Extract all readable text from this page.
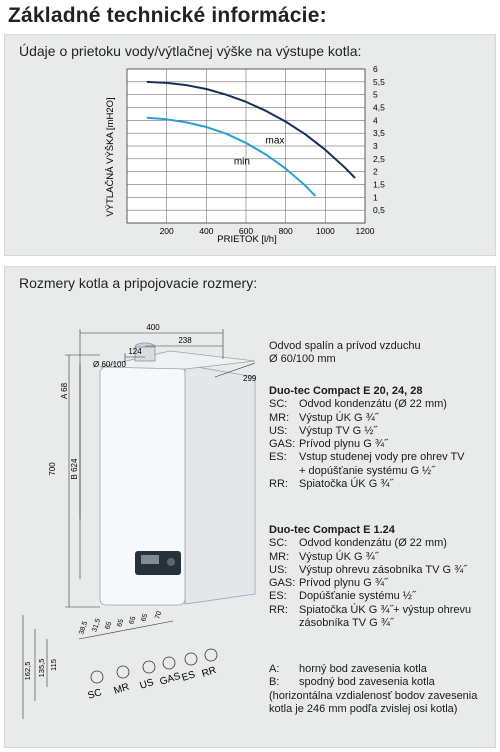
Základné technické informácie:
Údaje o prietoku vody/výtlačnej výške na výstupe kotla:
0,5
1
1,5
2
2,5
3
3,5
4
4,5
5
5,5
6
200	400	600	800	1000 1200
max
min
PRIETOK [l/h]
VÝTLAČNÁ VÝŠKA [mH2O]
Rozmery kotla a pripojovacie rozmery:
400
238
124
Ø 60/100
299
A 68
700 B 624
38,5 31,5 65 65 65 65 70
162,5 135,5 115
SC MR US GAS
ES RR
Odvod spalín a prívod vzduchu
Ø 60/100 mm
Duo-tec Compact E 20, 24, 28
SC:	Odvod kondenzátu (Ø 22 mm)
MR: Výstup ÚK G ¾˝
US:	Výstup TV G ½˝
GAS: Prívod plynu G ¾˝
ES:	Vstup studenej vody pre ohrev TV
+ dopúšťanie systému G ½˝
RR:	Spiatočka ÚK G ¾˝
Duo-tec Compact E 1.24
SC:	Odvod kondenzátu (Ø 22 mm)
MR: Výstup ÚK G ¾˝
US:	Výstup ohrevu zásobníka TV G ¾˝
GAS: Prívod plynu G ¾˝
ES:	Dopúšťanie systému ½˝
RR:	Spiatočka ÚK G ¾˝+ výstup ohrevu
zásobníka TV G ¾˝
A:	horný bod zavesenia kotla
B:	spodný bod zavesenia kotla
(horizontálna vzdialenosť bodov zavesenia
kotla je 246 mm podľa zvislej osi kotla)
